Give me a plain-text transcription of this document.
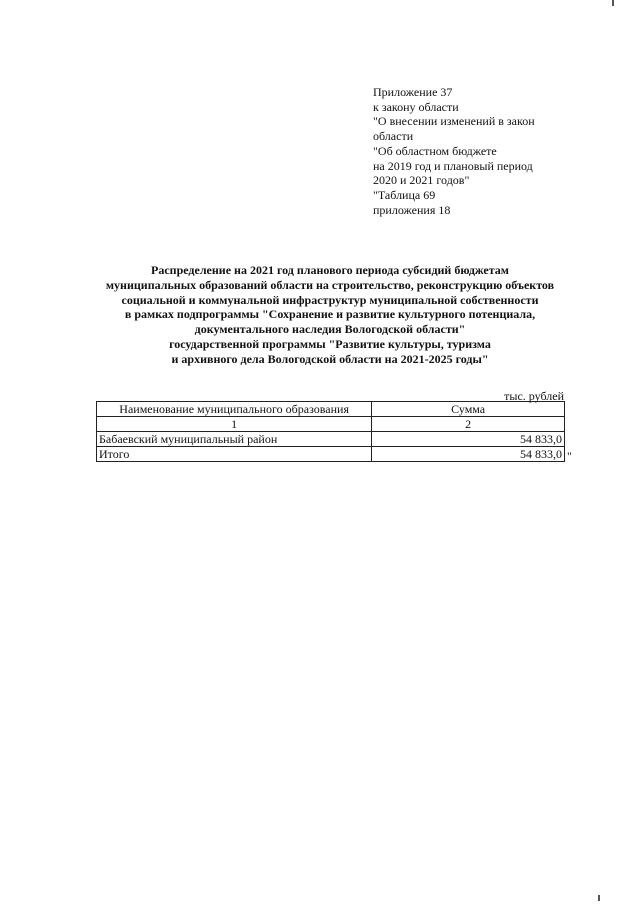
Приложение 37
к закону области
"О внесении изменений в закон
области
"Об областном бюджете
на 2019 год и плановый период
2020 и 2021 годов"
"Таблица 69
приложения 18
Распределение на 2021 год планового периода субсидий бюджетам
муниципальных образований области на строительство, реконструкцию объектов
социальной и коммунальной инфраструктур муниципальной собственности
в рамках подпрограммы "Сохранение и развитие культурного потенциала,
документального наследия Вологодской области"
государственной программы "Развитие культуры, туризма
и архивного дела Вологодской области на 2021-2025 годы"
тыс. рублей
Наименование муниципального образования	Сумма
1	2
Бабаевский муниципальный район	54 833,0
Итого	54 833,0 "
